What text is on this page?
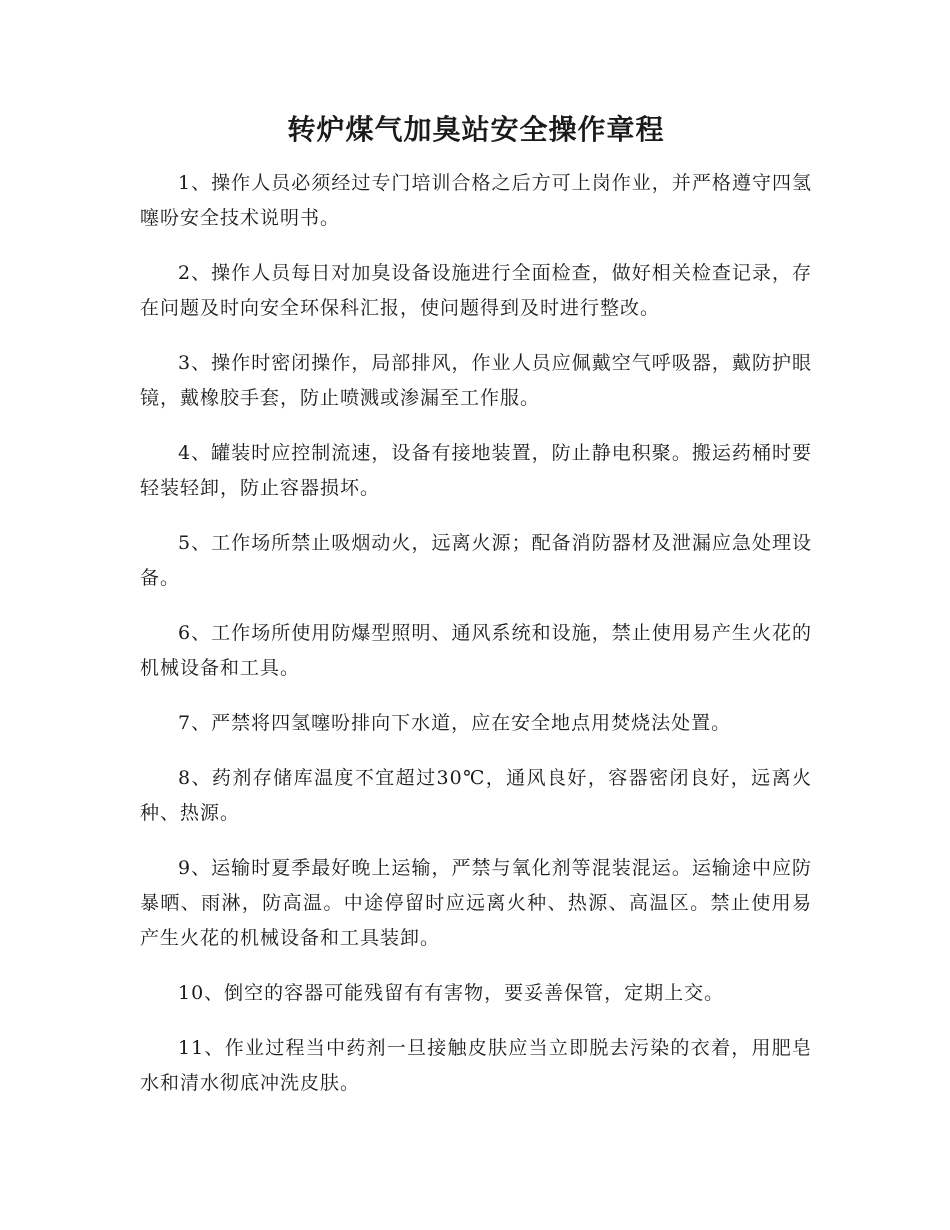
转炉煤气加臭站安全操作章程
1、操作人员必须经过专门培训合格之后方可上岗作业，并严格遵守四氢噻吩安全技术说明书。
2、操作人员每日对加臭设备设施进行全面检查，做好相关检查记录，存在问题及时向安全环保科汇报，使问题得到及时进行整改。
3、操作时密闭操作，局部排风，作业人员应佩戴空气呼吸器，戴防护眼镜，戴橡胶手套，防止喷溅或渗漏至工作服。
4、罐装时应控制流速，设备有接地装置，防止静电积聚。搬运药桶时要轻装轻卸，防止容器损坏。
5、工作场所禁止吸烟动火，远离火源；配备消防器材及泄漏应急处理设备。
6、工作场所使用防爆型照明、通风系统和设施，禁止使用易产生火花的机械设备和工具。
7、严禁将四氢噻吩排向下水道，应在安全地点用焚烧法处置。
8、药剂存储库温度不宜超过30℃，通风良好，容器密闭良好，远离火种、热源。
9、运输时夏季最好晚上运输，严禁与氧化剂等混装混运。运输途中应防暴晒、雨淋，防高温。中途停留时应远离火种、热源、高温区。禁止使用易产生火花的机械设备和工具装卸。
10、倒空的容器可能残留有有害物，要妥善保管，定期上交。
11、作业过程当中药剂一旦接触皮肤应当立即脱去污染的衣着，用肥皂水和清水彻底冲洗皮肤。
